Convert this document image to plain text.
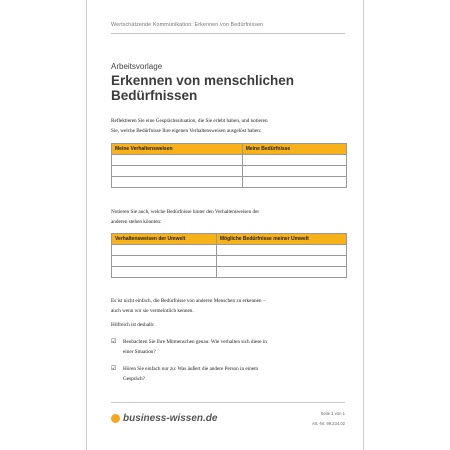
Wertschätzende Kommunikation: Erkennen von Bedürfnissen
Arbeitsvorlage
Erkennen von menschlichen
Bedürfnissen
Reflektieren Sie eine Gesprächssituation, die Sie erlebt haben, und notieren
Sie, welche Bedürfnisse Ihre eigenen Verhaltensweisen ausgelöst haben:
Meine Verhaltensweisen	Meine Bedürfnisse

Notieren Sie auch, welche Bedürfnisse hinter den Verhaltensweisen der
anderen stehen könnten:
Verhaltensweisen der Umwelt	Mögliche Bedürfnisse meiner Umwelt

Es ist nicht einfach, die Bedürfnisse von anderen Menschen zu erkennen –
auch wenn wir sie vermeintlich kennen.
Hilfreich ist deshalb:
☑ Beobachten Sie Ihre Mitmenschen genau: Wie verhalten sich diese in
einer Situation?
☑ Hören Sie einfach nur zu: Was äußert die andere Person in einem
Gespräch?
business-wissen.de	Seite 1 von 1
Art.-Nr. 99.234.02
